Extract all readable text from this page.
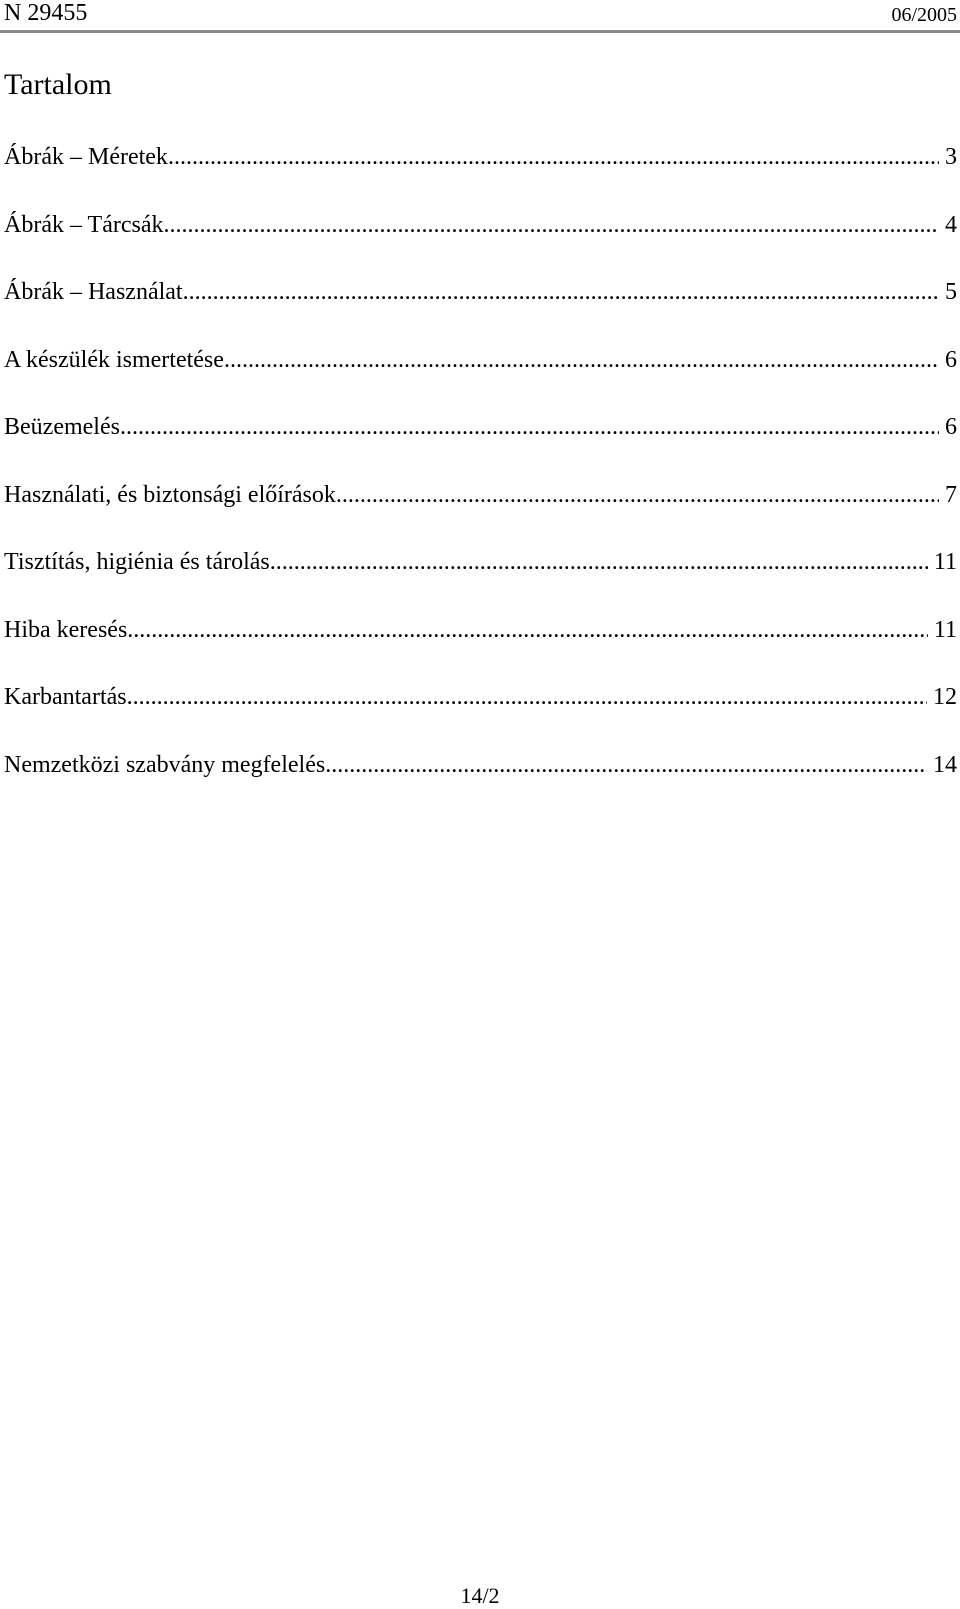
N 29455	06/2005
Tartalom
Ábrák – Méretek .....	3
Ábrák – Tárcsák .....	4
Ábrák – Használat .....	5
A készülék ismertetése .....	6
Beüzemelés .....	6
Használati, és biztonsági előírások .....	7
Tisztítás, higiénia és tárolás .....	11
Hiba keresés .....	11
Karbantartás .....	12
Nemzetközi szabvány megfelelés .....	14
14/2
